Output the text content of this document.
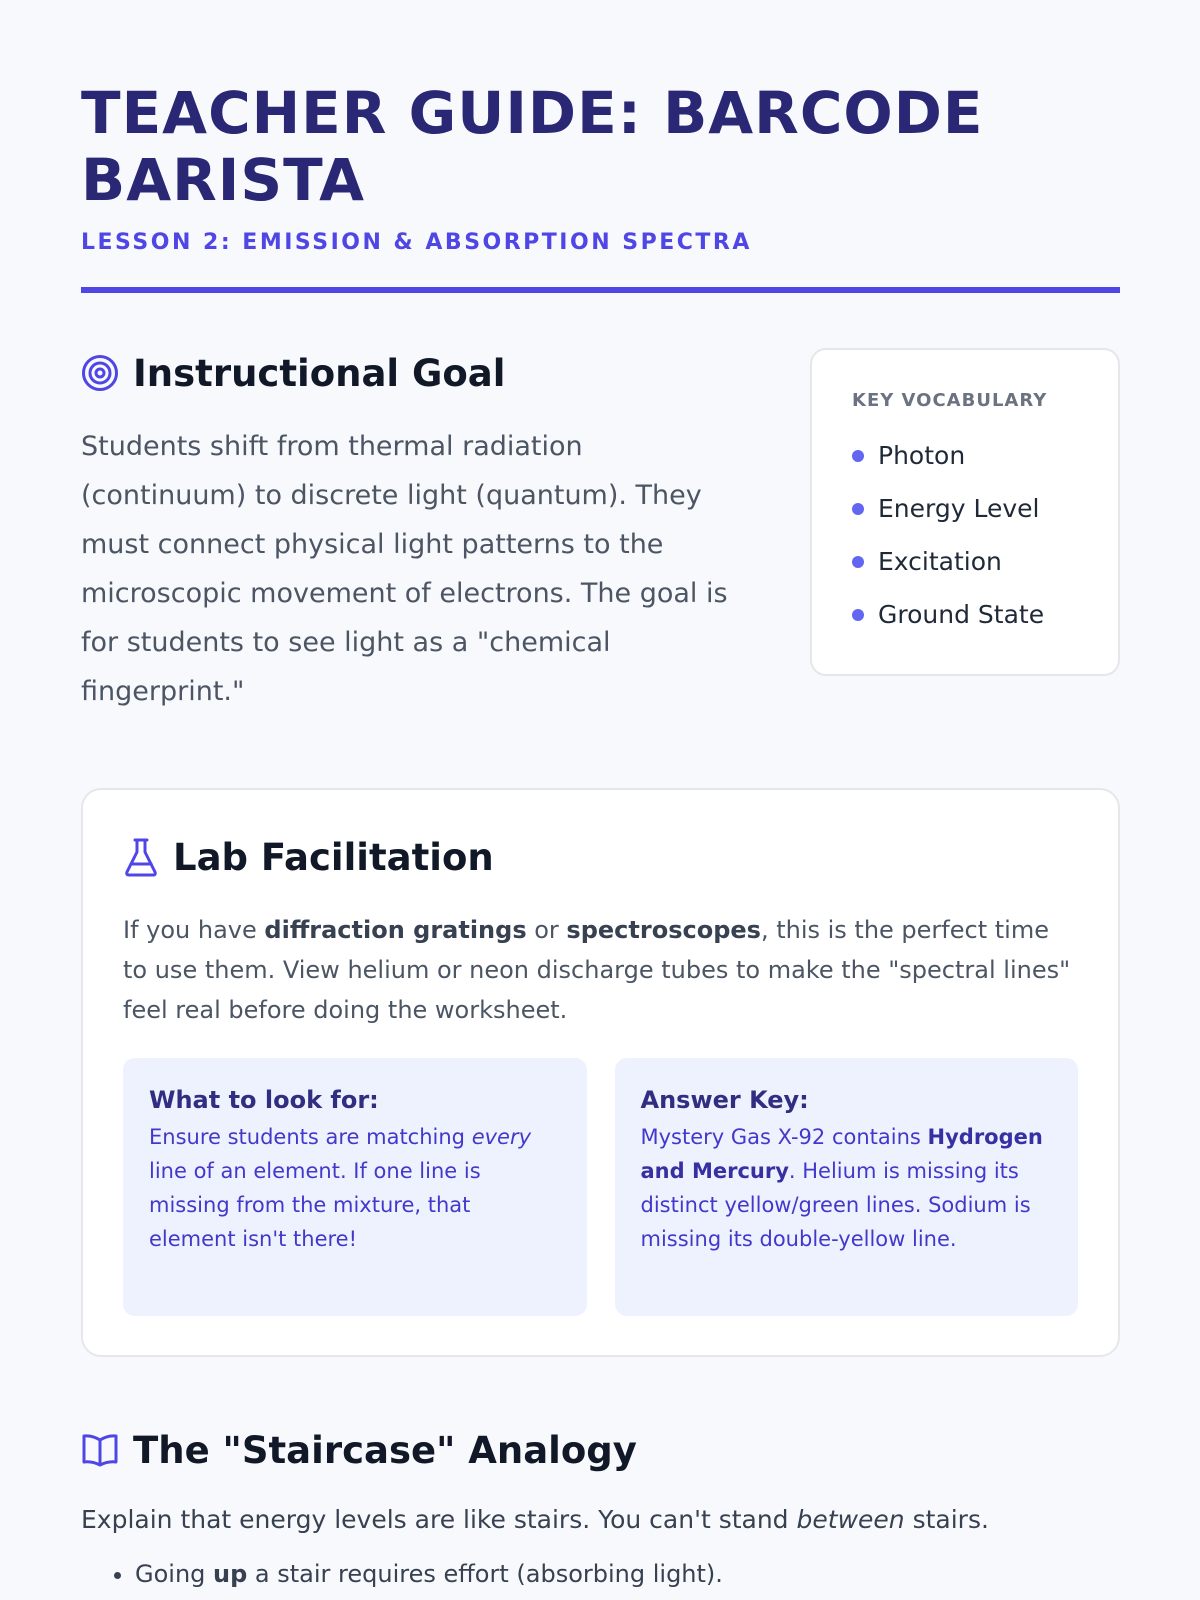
TEACHER GUIDE: BARCODE BARISTA
LESSON 2: EMISSION & ABSORPTION SPECTRA
Instructional Goal

Students shift from thermal radiation (continuum) to discrete light (quantum). They must connect physical light patterns to the microscopic movement of electrons. The goal is for students to see light as a "chemical fingerprint."

KEY VOCABULARY
Photon
Energy Level
Excitation
Ground State
Lab Facilitation

If you have diffraction gratings or spectroscopes, this is the perfect time to use them. View helium or neon discharge tubes to make the "spectral lines" feel real before doing the worksheet.

What to look for:

Ensure students are matching every line of an element. If one line is missing from the mixture, that element isn't there!

Answer Key:

Mystery Gas X-92 contains Hydrogen and Mercury. Helium is missing its distinct yellow/green lines. Sodium is missing its double-yellow line.

The "Staircase" Analogy

Explain that energy levels are like stairs. You can't stand between stairs.

• Going up a stair requires effort (absorbing light).
